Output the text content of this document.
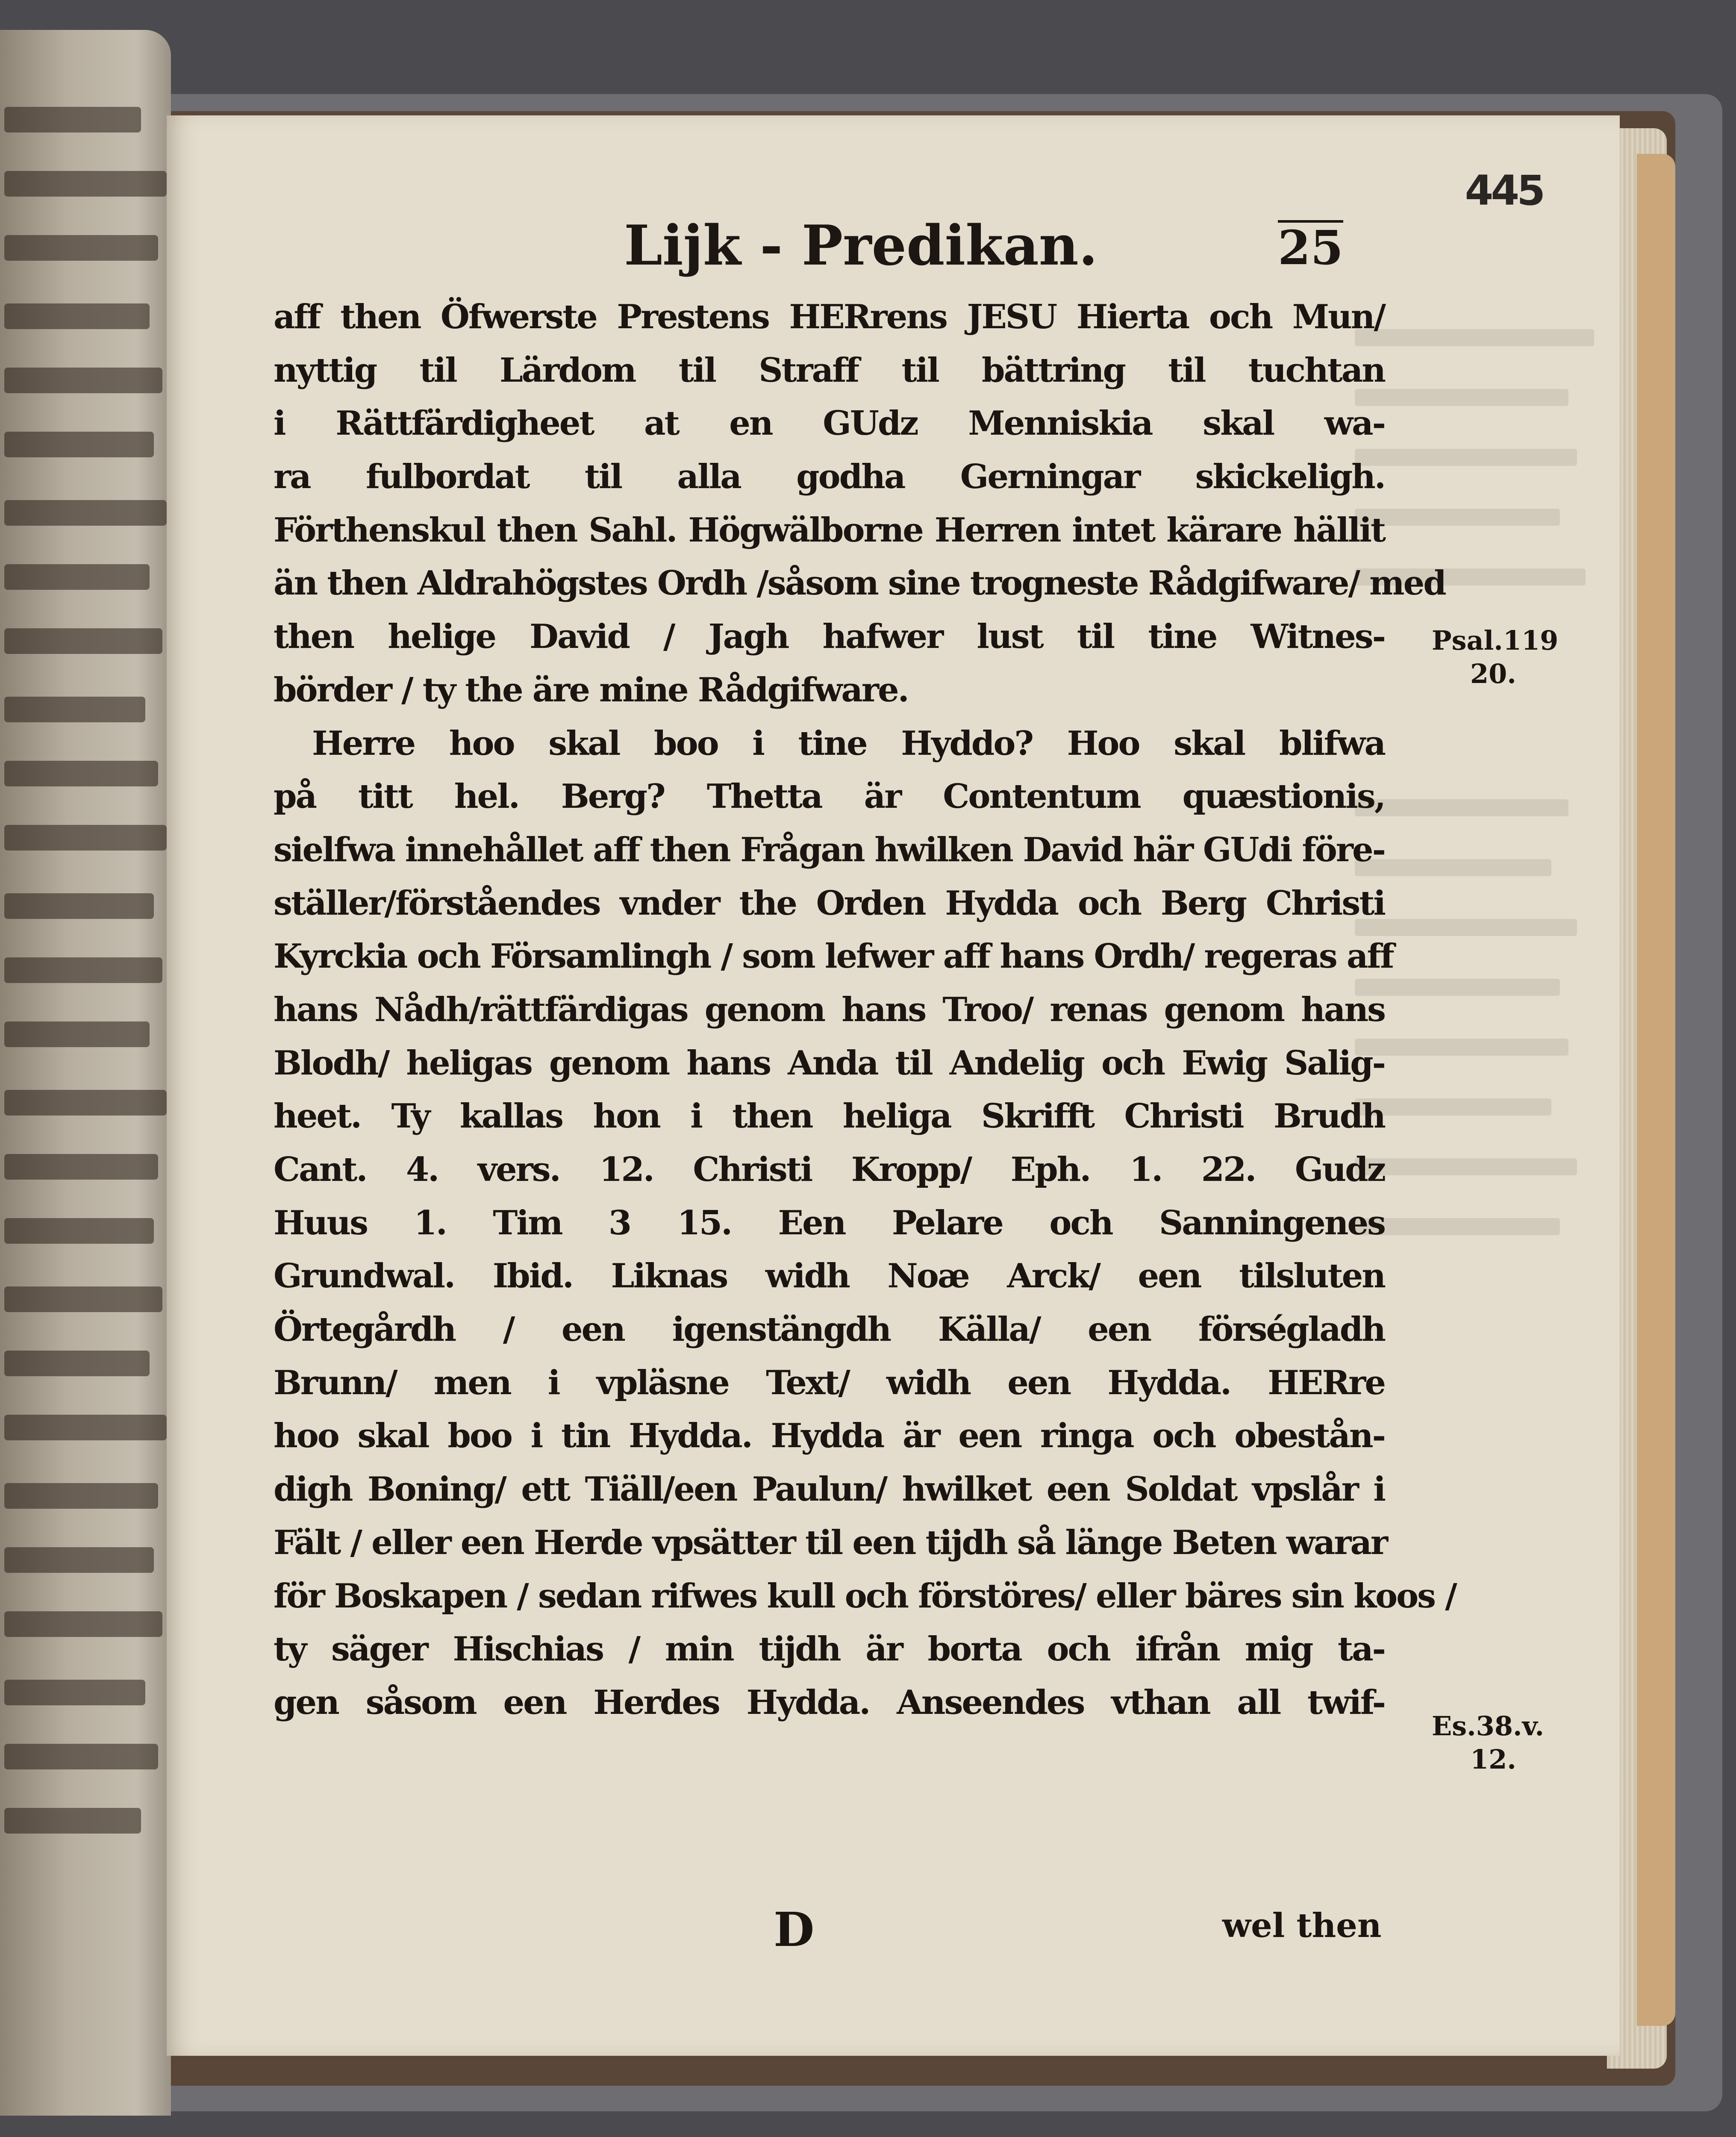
445
Lijk - Predikan.	25
aff then Öfwerste Prestens HERrens JESU Hierta och Mun/
nyttig til Lärdom til Straff til bättring til tuchtan
i Rättfärdigheet at en GUdz Menniskia skal wa-
ra fulbordat til alla godha Gerningar skickeligh.
Förthenskul then Sahl. Högwälborne Herren intet kärare hällit
än then Aldrahögstes Ordh /såsom sine trogneste Rådgifware/ med
then helige David / Jagh hafwer lust til tine Witnes-
börder / ty the äre mine Rådgifware.
Herre hoo skal boo i tine Hyddo? Hoo skal blifwa
på titt hel. Berg? Thetta är Contentum quæstionis,
sielfwa innehållet aff then Frågan hwilken David här GUdi före-
ställer/förståendes vnder the Orden Hydda och Berg Christi
Kyrckia och Församlingh / som lefwer aff hans Ordh/ regeras aff
hans Nådh/rättfärdigas genom hans Troo/ renas genom hans
Blodh/ heligas genom hans Anda til Andelig och Ewig Salig-
heet. Ty kallas hon i then heliga Skrifft Christi Brudh
Cant. 4. vers. 12. Christi Kropp/ Eph. 1. 22. Gudz
Huus 1. Tim 3 15. Een Pelare och Sanningenes
Grundwal. Ibid. Liknas widh Noæ Arck/ een tilsluten
Örtegårdh / een igenstängdh Källa/ een förségladh
Brunn/ men i vpläsne Text/ widh een Hydda. HERre
hoo skal boo i tin Hydda. Hydda är een ringa och obestån-
digh Boning/ ett Tiäll/een Paulun/ hwilket een Soldat vpslår i
Fält / eller een Herde vpsätter til een tijdh så länge Beten warar
för Boskapen / sedan rifwes kull och förstöres/ eller bäres sin koos /
ty säger Hischias / min tijdh är borta och ifrån mig ta-
gen såsom een Herdes Hydda. Anseendes vthan all twif-
Psal.119
20.
Es.38.v.
12.
D	wel then
